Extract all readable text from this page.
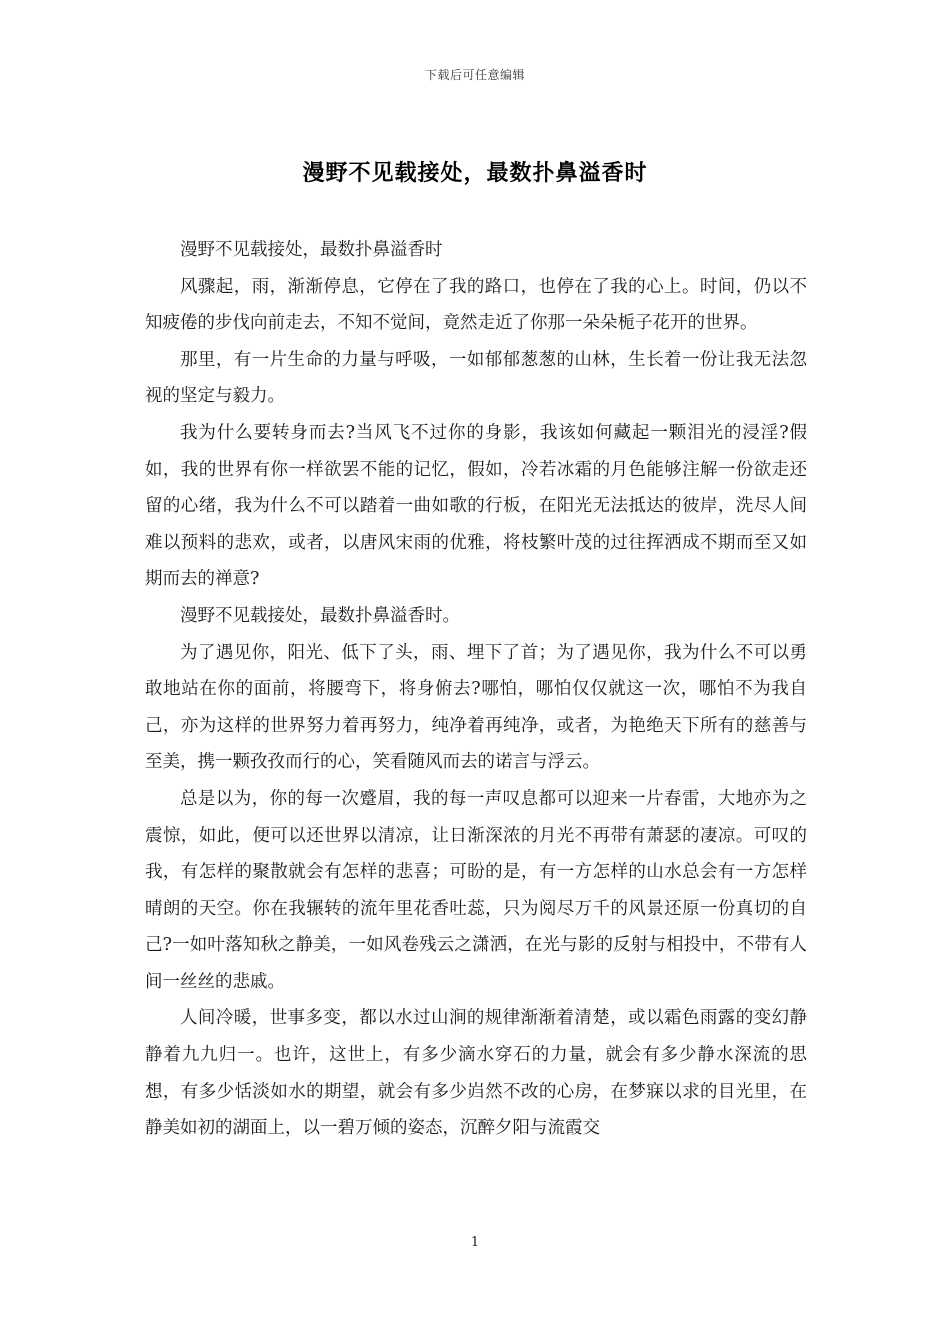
下载后可任意编辑
漫野不见载接处，最数扑鼻溢香时

漫野不见载接处，最数扑鼻溢香时

风骤起，雨，渐渐停息，它停在了我的路口，也停在了我的心上。时间，仍以不知疲倦的步伐向前走去，不知不觉间，竟然走近了你那一朵朵栀子花开的世界。

那里，有一片生命的力量与呼吸，一如郁郁葱葱的山林，生长着一份让我无法忽视的坚定与毅力。

我为什么要转身而去?当风飞不过你的身影，我该如何藏起一颗泪光的浸淫?假如，我的世界有你一样欲罢不能的记忆，假如，冷若冰霜的月色能够注解一份欲走还留的心绪，我为什么不可以踏着一曲如歌的行板，在阳光无法抵达的彼岸，洗尽人间难以预料的悲欢，或者，以唐风宋雨的优雅，将枝繁叶茂的过往挥洒成不期而至又如期而去的禅意?

漫野不见载接处，最数扑鼻溢香时。

为了遇见你，阳光、低下了头，雨、埋下了首；为了遇见你，我为什么不可以勇敢地站在你的面前，将腰弯下，将身俯去?哪怕，哪怕仅仅就这一次，哪怕不为我自己，亦为这样的世界努力着再努力，纯净着再纯净，或者，为艳绝天下所有的慈善与至美，携一颗孜孜而行的心，笑看随风而去的诺言与浮云。

总是以为，你的每一次蹙眉，我的每一声叹息都可以迎来一片春雷，大地亦为之震惊，如此，便可以还世界以清凉，让日渐深浓的月光不再带有萧瑟的凄凉。可叹的我，有怎样的聚散就会有怎样的悲喜；可盼的是，有一方怎样的山水总会有一方怎样晴朗的天空。你在我辗转的流年里花香吐蕊，只为阅尽万千的风景还原一份真切的自己?一如叶落知秋之静美，一如风卷残云之潇洒，在光与影的反射与相投中，不带有人间一丝丝的悲戚。

人间冷暖，世事多变，都以水过山涧的规律渐渐着清楚，或以霜色雨露的变幻静静着九九归一。也许，这世上，有多少滴水穿石的力量，就会有多少静水深流的思想，有多少恬淡如水的期望，就会有多少岿然不改的心房，在梦寐以求的目光里，在静美如初的湖面上，以一碧万倾的姿态，沉醉夕阳与流霞交

1
